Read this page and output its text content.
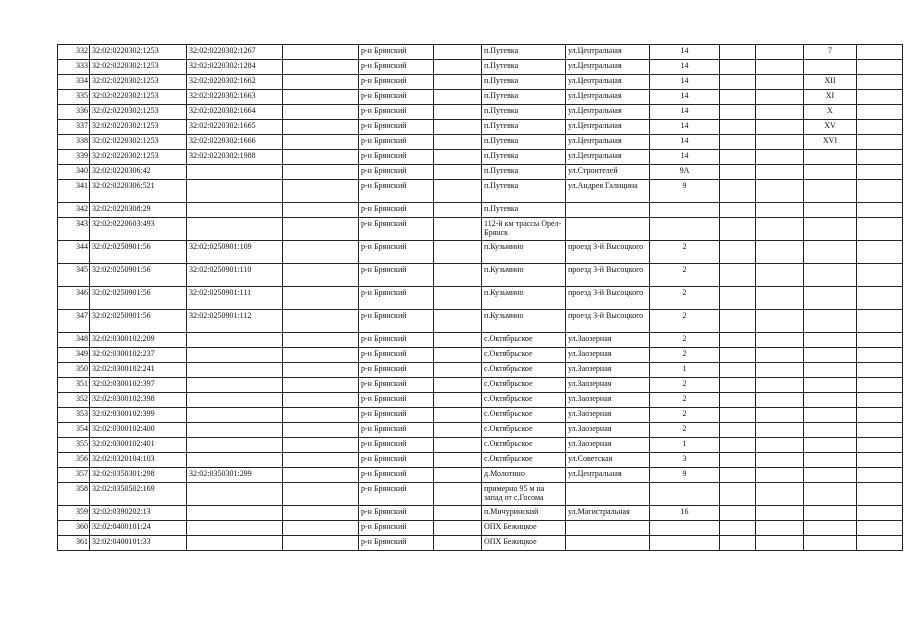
332	32:02:0220302:1253	32:02:0220302:1267		р-н Брянский		п.Путевка	ул.Центральная	14			7	
333	32:02:0220302:1253	32:02:0220302:1284		р-н Брянский		п.Путевка	ул.Центральная	14				
334	32:02:0220302:1253	32:02:0220302:1662		р-н Брянский		п.Путевка	ул.Центральная	14			XII	
335	32:02:0220302:1253	32:02:0220302:1663		р-н Брянский		п.Путевка	ул.Центральная	14			XI	
336	32:02:0220302:1253	32:02:0220302:1664		р-н Брянский		п.Путевка	ул.Центральная	14			X	
337	32:02:0220302:1253	32:02:0220302:1665		р-н Брянский		п.Путевка	ул.Центральная	14			XV	
338	32:02:0220302:1253	32:02:0220302:1666		р-н Брянский		п.Путевка	ул.Центральная	14			XVI	
339	32:02:0220302:1253	32:02:0220302:1988		р-н Брянский		п.Путевка	ул.Центральная	14				
340	32:02:0220306:42			р-н Брянский		п.Путевка	ул.Строителей	9А				
341	32:02:0220306:521			р-н Брянский		п.Путевка	ул.Андрея Галицина	9				
342	32:02:0220308:29			р-н Брянский		п.Путевка						
343	32:02:0220603:493			р-н Брянский		112-й км трассы Орел-Брянск						
344	32:02:0250901:56	32:02:0250901:109		р-н Брянский		п.Кузьмино	проезд 3-й Высоцкого	2				
345	32:02:0250901:56	32:02:0250901:110		р-н Брянский		п.Кузьмино	проезд 3-й Высоцкого	2				
346	32:02:0250901:56	32:02:0250901:111		р-н Брянский		п.Кузьмино	проезд 3-й Высоцкого	2				
347	32:02:0250901:56	32:02:0250901:112		р-н Брянский		п.Кузьмино	проезд 3-й Высоцкого	2				
348	32:02:0300102:209			р-н Брянский		с.Октябрьское	ул.Заозерная	2				
349	32:02:0300102:237			р-н Брянский		с.Октябрьское	ул.Заозерная	2				
350	32:02:0300102:241			р-н Брянский		с.Октябрьское	ул.Заозерная	1				
351	32:02:0300102:397			р-н Брянский		с.Октябрьское	ул.Заозерная	2				
352	32:02:0300102:398			р-н Брянский		с.Октябрьское	ул.Заозерная	2				
353	32:02:0300102:399			р-н Брянский		с.Октябрьское	ул.Заозерная	2				
354	32:02:0300102:400			р-н Брянский		с.Октябрьское	ул.Заозерная	2				
355	32:02:0300102:401			р-н Брянский		с.Октябрьское	ул.Заозерная	1				
356	32:02:0320104:103			р-н Брянский		с.Октябрьское	ул.Советская	3				
357	32:02:0350301:298	32:02:0350301:299		р-н Брянский		д.Молотино	ул.Центральная	9				
358	32:02:0350502:169			р-н Брянский		примерно 95 м на запад от с.Госома						
359	32:02:0390202:13			р-н Брянский		п.Мичуринский	ул.Магистральная	16				
360	32:02:0400101:24			р-н Брянский		ОПХ Бежицкое						
361	32:02:0400101:33			р-н Брянский		ОПХ Бежицкое						
